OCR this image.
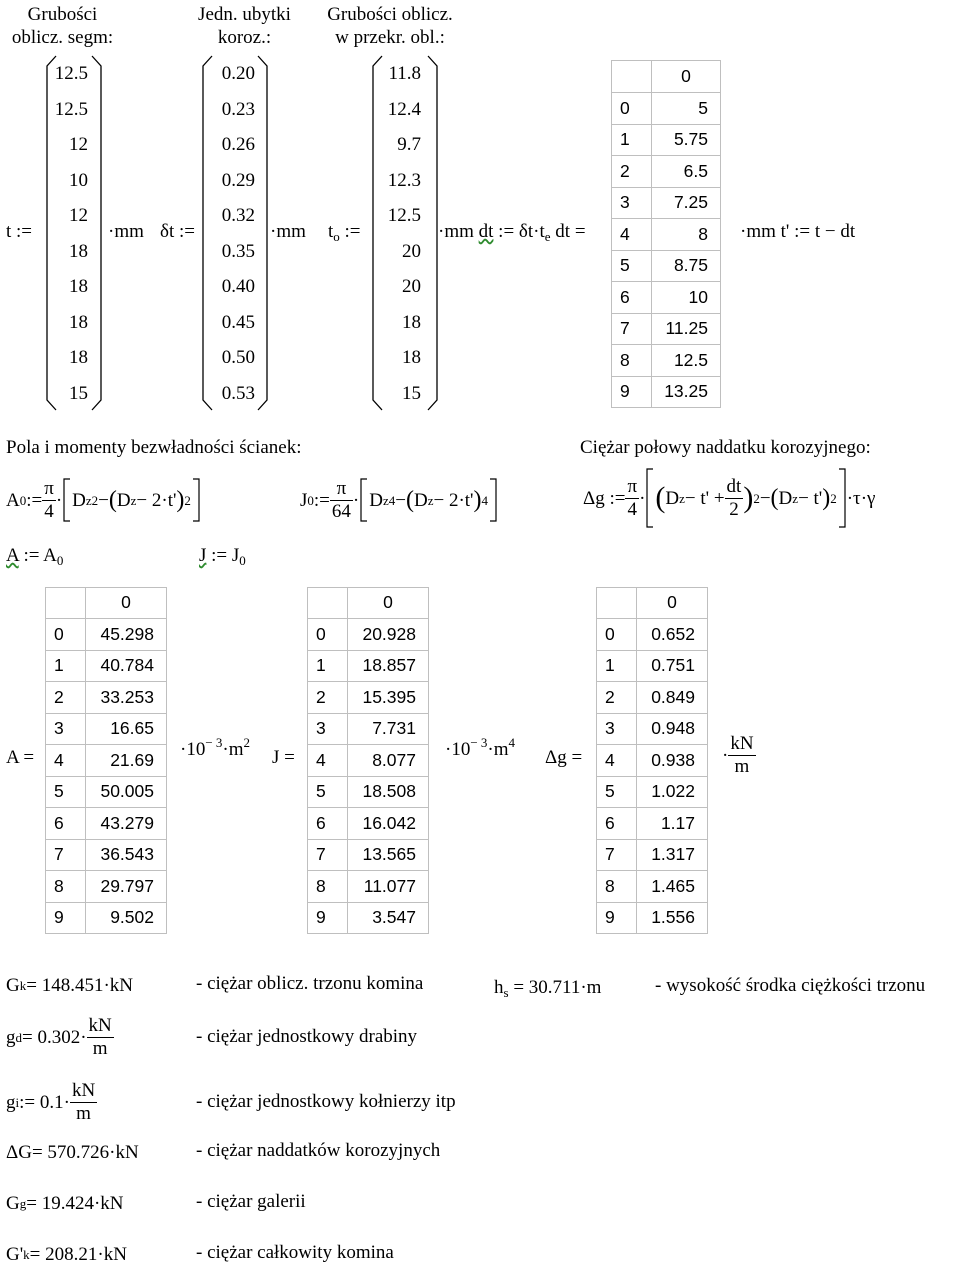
Grubości
oblicz. segm:
Jedn. ubytki
koroz.:
Grubości oblicz.
w przekr. obl.:
t :=
12.5
12.5
12
10
12
18
18
18
18
15
·mm δt :=
0.20
0.23
0.26
0.29
0.32
0.35
0.40
0.45
0.50
0.53
·mm $t_o$ :=
11.8
12.4
9.7
12.3
12.5
20
20
18
18
15
·mm dt := $\delta t\cdot t_e$ dt =
	0
0	5
1	5.75
2	6.5
3	7.25
4	8
5	8.75
6	10
7	11.25
8	12.5
9	13.25
·mm t' := t − dt
Pola i momenty bezwładności ścianek:	Ciężar połowy naddatku korozyjnego:
A 0 := $\frac{\pi}{4} \cdot D$ z 2 − ( D z − 2·t' ) 2	J 0 := $\frac{\pi}{64} \cdot D$ z 4 − ( D z − 2·t' ) 4	Δg := $\frac{\pi}{4}$ · ( D $z - t' + \frac{dt}{2}$ ) 2 − ( D z − t' ) 2 ·τ·γ
A := $A_0$	J := $J_0$
A =
	0
0	45.298
1	40.784
2	33.253
3	16.65
4	21.69
5	50.005
6	43.279
7	36.543
8	29.797
9	9.502
$\cdot 10^{- 3}\cdot m^2$
J =
	0
0	20.928
1	18.857
2	15.395
3	7.731
4	8.077
5	18.508
6	16.042
7	13.565
8	11.077
9	3.547
$\cdot 10^{- 3}\cdot m^4$
Δg =
	0
0	0.652
1	0.751
2	0.849
3	0.948
4	0.938
5	1.022
6	1.17
7	1.317
8	1.465
9	1.556
· $\frac{kN}{m}$
G k = 148.451·kN	- ciężar oblicz. trzonu komina
g $d = 0.302\cdot \frac{kN}{m}$	- ciężar jednostkowy drabiny
g i := $0.1\cdot \frac{kN}{m}$	- ciężar jednostkowy kołnierzy itp
ΔG = 570.726·kN	- ciężar naddatków korozyjnych
G g = 19.424·kN	- ciężar galerii
G' k = 208.21·kN	- ciężar całkowity komina
$h_s = 30.711\cdot m$	- wysokość środka ciężkości trzonu
